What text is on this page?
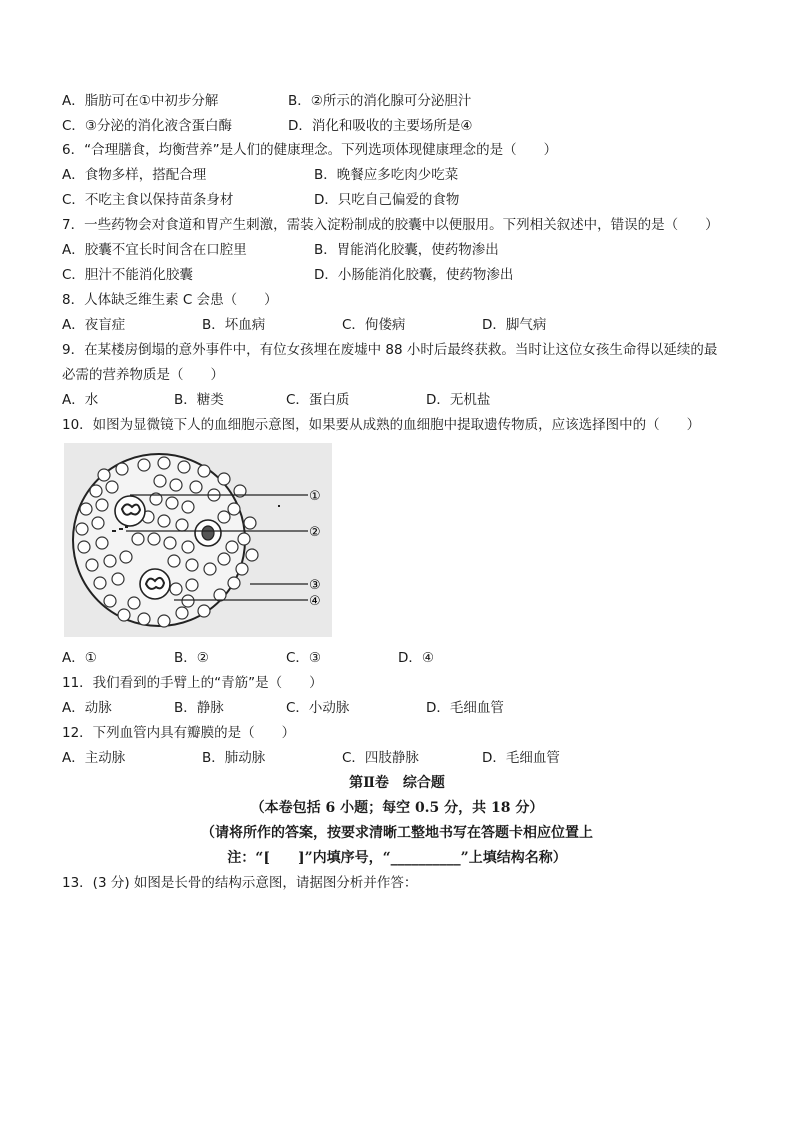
A．脂肪可在①中初步分解	B．②所示的消化腺可分泌胆汁
C．③分泌的消化液含蛋白酶	D．消化和吸收的主要场所是④
6．“合理膳食，均衡营养”是人们的健康理念。下列选项体现健康理念的是（　　）
A．食物多样，搭配合理	B．晚餐应多吃肉少吃菜
C．不吃主食以保持苗条身材	D．只吃自己偏爱的食物
7．一些药物会对食道和胃产生刺激，需装入淀粉制成的胶囊中以便服用。下列相关叙述中，错误的是（　　）
A．胶囊不宜长时间含在口腔里	B．胃能消化胶囊，使药物渗出
C．胆汁不能消化胶囊	D．小肠能消化胶囊，使药物渗出
8．人体缺乏维生素 C 会患（　　）
A．夜盲症	B．坏血病	C．佝偻病	D．脚气病
9．在某楼房倒塌的意外事件中，有位女孩埋在废墟中 88 小时后最终获救。当时让这位女孩生命得以延续的最
必需的营养物质是（　　）
A．水	B．糖类	C．蛋白质	D．无机盐
10．如图为显微镜下人的血细胞示意图，如果要从成熟的血细胞中提取遗传物质，应该选择图中的（　　）
①
②
③
④
A．①	B．②	C．③	D．④
11．我们看到的手臂上的“青筋”是（　　）
A．动脉	B．静脉	C．小动脉	D．毛细血管
12．下列血管内具有瓣膜的是（　　）
A．主动脉	B．肺动脉	C．四肢静脉	D．毛细血管
第Ⅱ卷　综合题
（本卷包括 6 小题；每空 0.5 分，共 18 分）
（请将所作的答案，按要求清晰工整地书写在答题卡相应位置上
注：“[　　]”内填序号，“__________”上填结构名称）
13．(3 分) 如图是长骨的结构示意图，请据图分析并作答：
